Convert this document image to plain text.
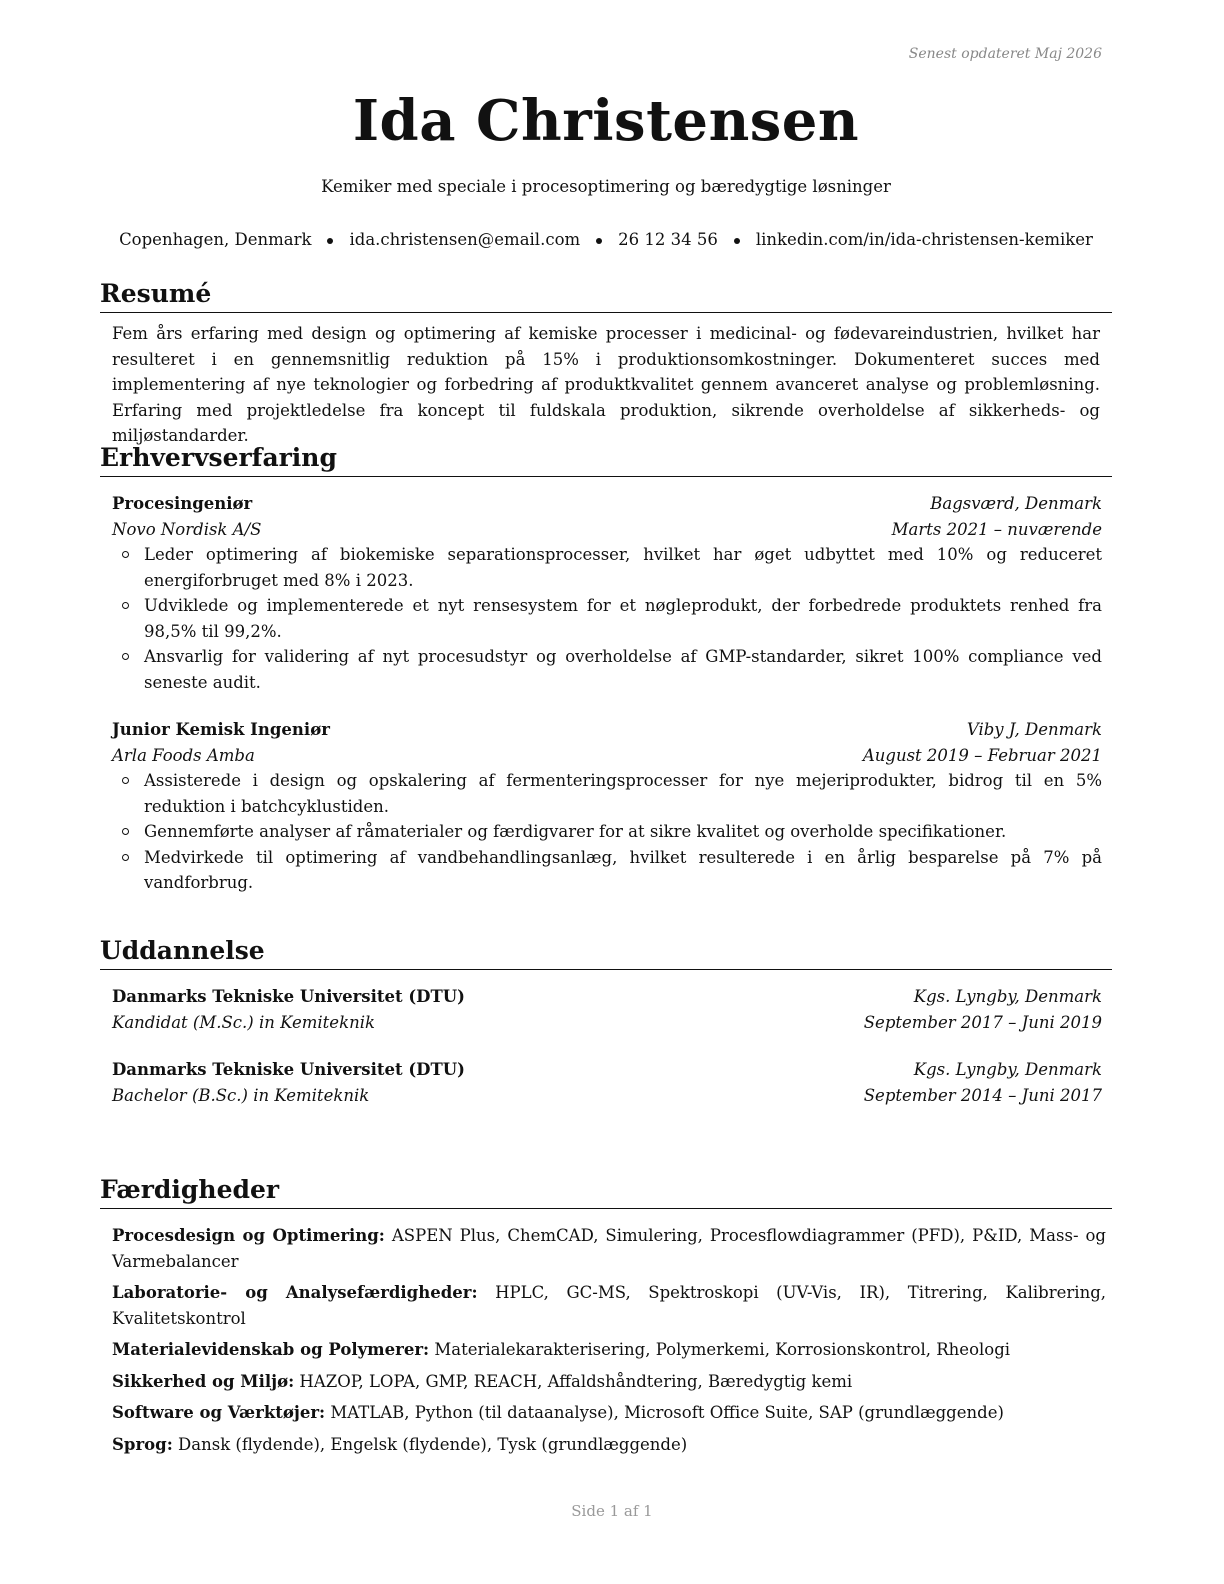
Senest opdateret Maj 2026
Ida Christensen
Kemiker med speciale i procesoptimering og bæredygtige løsninger
Copenhagen, Denmark ida.christensen@email.com 26 12 34 56 linkedin.com/in/ida-christensen-kemiker
Resumé
Fem års erfaring med design og optimering af kemiske processer i medicinal- og fødevareindustrien, hvilket har resulteret i en gennemsnitlig reduktion på 15% i produktionsomkostninger. Dokumenteret succes med implementering af nye teknologier og forbedring af produktkvalitet gennem avanceret analyse og problemløsning. Erfaring med projektledelse fra koncept til fuldskala produktion, sikrende overholdelse af sikkerheds- og miljøstandarder.
Erhvervserfaring
Procesingeniør	Bagsværd, Denmark
Novo Nordisk A/S	Marts 2021 – nuværende
Leder optimering af biokemiske separationsprocesser, hvilket har øget udbyttet med 10% og reduceret energiforbruget med 8% i 2023.
Udviklede og implementerede et nyt rensesystem for et nøgleprodukt, der forbedrede produktets renhed fra 98,5% til 99,2%.
Ansvarlig for validering af nyt procesudstyr og overholdelse af GMP-standarder, sikret 100% compliance ved seneste audit.
Junior Kemisk Ingeniør	Viby J, Denmark
Arla Foods Amba	August 2019 – Februar 2021
Assisterede i design og opskalering af fermenteringsprocesser for nye mejeriprodukter, bidrog til en 5% reduktion i batchcyklustiden.
Gennemførte analyser af råmaterialer og færdigvarer for at sikre kvalitet og overholde specifikationer.
Medvirkede til optimering af vandbehandlingsanlæg, hvilket resulterede i en årlig besparelse på 7% på vandforbrug.
Uddannelse
Danmarks Tekniske Universitet (DTU)	Kgs. Lyngby, Denmark
Kandidat (M.Sc.) in Kemiteknik	September 2017 – Juni 2019
Danmarks Tekniske Universitet (DTU)	Kgs. Lyngby, Denmark
Bachelor (B.Sc.) in Kemiteknik	September 2014 – Juni 2017
Færdigheder
Procesdesign og Optimering: ASPEN Plus, ChemCAD, Simulering, Procesflowdiagrammer (PFD), P&ID, Mass- og Varmebalancer
Laboratorie- og Analysefærdigheder: HPLC, GC-MS, Spektroskopi (UV-Vis, IR), Titrering, Kalibrering, Kvalitetskontrol
Materialevidenskab og Polymerer: Materialekarakterisering, Polymerkemi, Korrosionskontrol, Rheologi
Sikkerhed og Miljø: HAZOP, LOPA, GMP, REACH, Affaldshåndtering, Bæredygtig kemi
Software og Værktøjer: MATLAB, Python (til dataanalyse), Microsoft Office Suite, SAP (grundlæggende)
Sprog: Dansk (flydende), Engelsk (flydende), Tysk (grundlæggende)
Side 1 af 1
